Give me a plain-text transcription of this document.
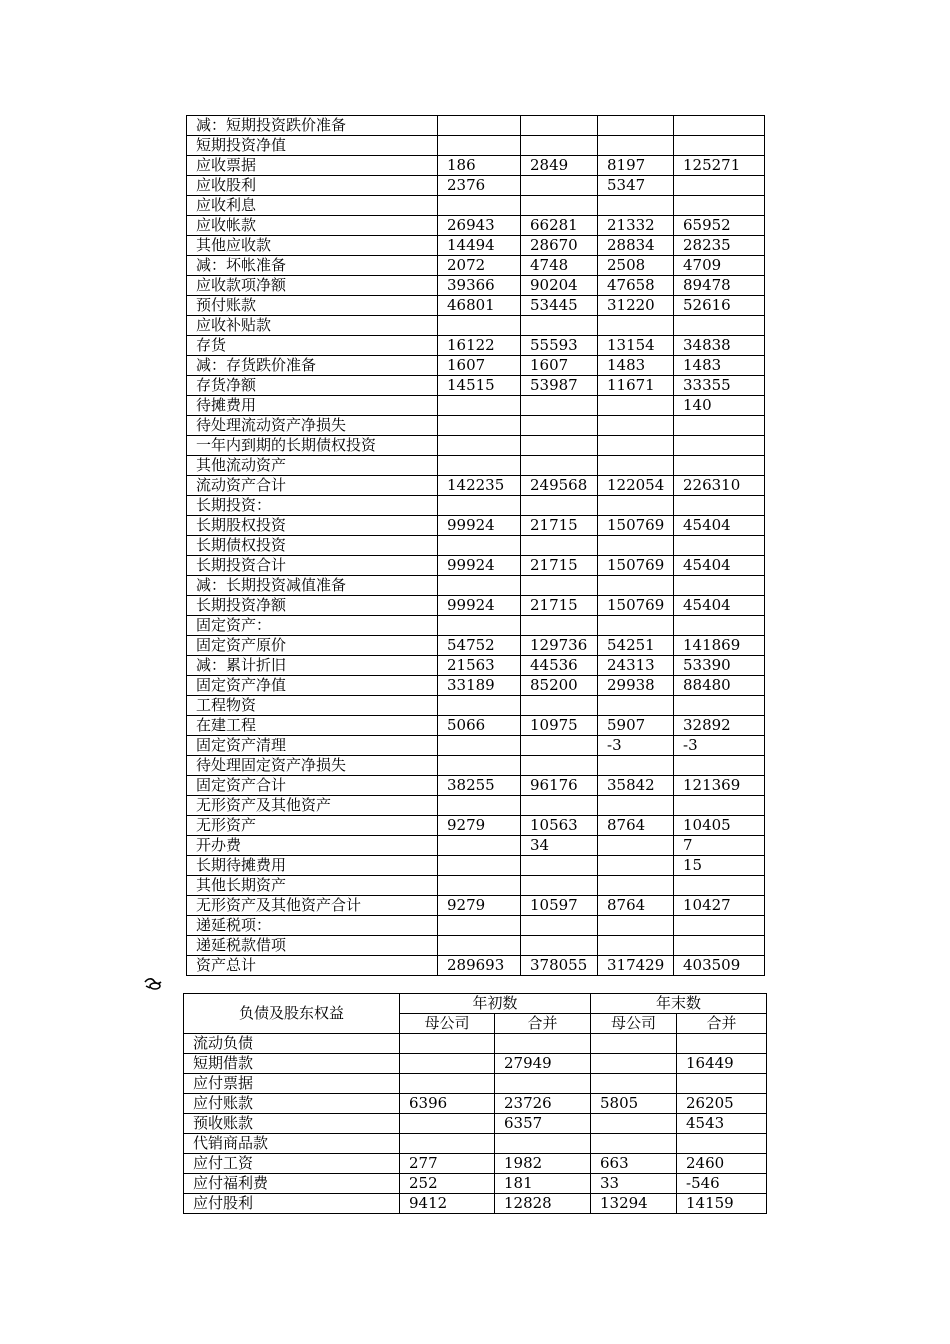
减：短期投资跌价准备				
短期投资净值				
应收票据	186	2849	8197	125271
应收股利	2376		5347	
应收利息				
应收帐款	26943	66281	21332	65952
其他应收款	14494	28670	28834	28235
减：坏帐准备	2072	4748	2508	4709
应收款项净额	39366	90204	47658	89478
预付账款	46801	53445	31220	52616
应收补贴款				
存货	16122	55593	13154	34838
减：存货跌价准备	1607	1607	1483	1483
存货净额	14515	53987	11671	33355
待摊费用				140
待处理流动资产净损失				
一年内到期的长期债权投资				
其他流动资产				
流动资产合计	142235	249568	122054	226310
长期投资：				
长期股权投资	99924	21715	150769	45404
长期债权投资				
长期投资合计	99924	21715	150769	45404
减：长期投资减值准备				
长期投资净额	99924	21715	150769	45404
固定资产：				
固定资产原价	54752	129736	54251	141869
减：累计折旧	21563	44536	24313	53390
固定资产净值	33189	85200	29938	88480
工程物资				
在建工程	5066	10975	5907	32892
固定资产清理			-3	-3
待处理固定资产净损失				
固定资产合计	38255	96176	35842	121369
无形资产及其他资产				
无形资产	9279	10563	8764	10405
开办费		34		7
长期待摊费用				15
其他长期资产				
无形资产及其他资产合计	9279	10597	8764	10427
递延税项：				
递延税款借项				
资产总计	289693	378055	317429	403509
负债及股东权益	年初数		年末数	
	母公司	合并	母公司	合并
流动负债				
短期借款		27949		16449
应付票据				
应付账款	6396	23726	5805	26205
预收账款		6357		4543
代销商品款				
应付工资	277	1982	663	2460
应付福利费	252	181	33	-546
应付股利	9412	12828	13294	14159
